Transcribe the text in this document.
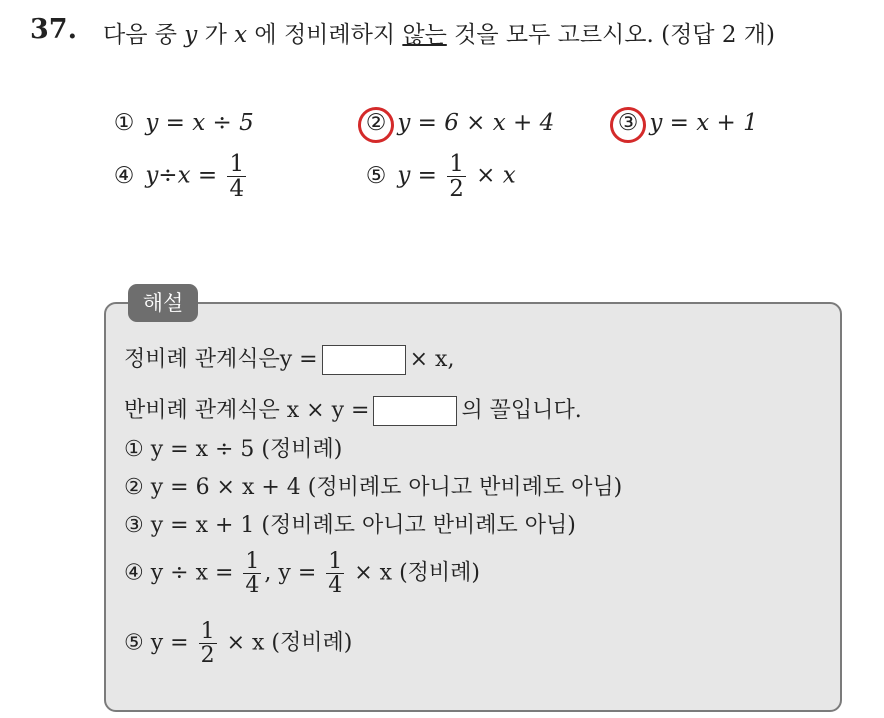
37. 다음 중 y 가 x 에 정비례하지 않는 것을 모두 고르시오. (정답 2 개)
① y = x ÷ 5	② y = 6 × x + 4	③ y = x + 1
④ $y\div x = \frac{1}{4}$	⑤ $y = \frac{1}{2} \times x$
해설
정비례 관계식은y =	× x,
반비례 관계식은 x × y =	의 꼴입니다.
① y = x ÷ 5 (정비례)
② y = 6 × x + 4 (정비례도 아니고 반비례도 아님)
③ y = x + 1 (정비례도 아니고 반비례도 아님)
④ $y \div x = \frac{1}{4}$ , $y = \frac{1}{4} \times x$ (정비례)
⑤ $y = \frac{1}{2} \times x$ (정비례)
